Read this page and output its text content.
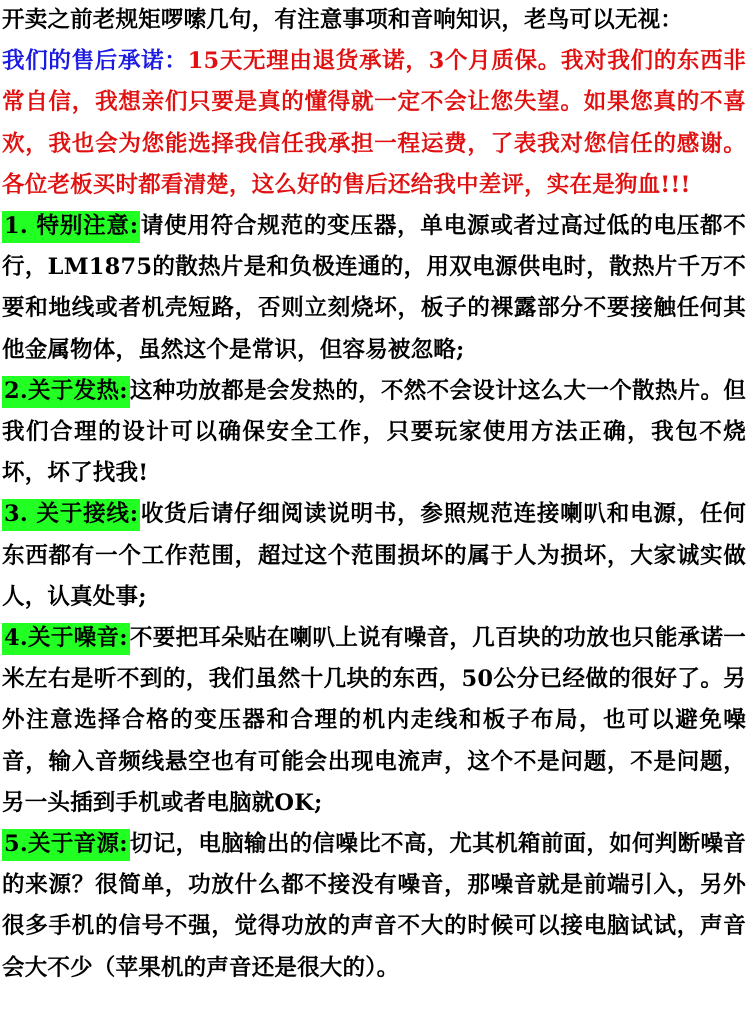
开卖之前老规矩啰嗦几句，有注意事项和音响知识，老鸟可以无视：

我们的售后承诺：15天无理由退货承诺，3个月质保。我对我们的东西非常自信，我想亲们只要是真的懂得就一定不会让您失望。如果您真的不喜欢，我也会为您能选择我信任我承担一程运费，了表我对您信任的感谢。各位老板买时都看清楚，这么好的售后还给我中差评，实在是狗血!!!

1. 特别注意:请使用符合规范的变压器，单电源或者过高过低的电压都不行，LM1875的散热片是和负极连通的，用双电源供电时，散热片千万不要和地线或者机壳短路，否则立刻烧坏，板子的裸露部分不要接触任何其他金属物体，虽然这个是常识，但容易被忽略;

2.关于发热:这种功放都是会发热的，不然不会设计这么大一个散热片。但我们合理的设计可以确保安全工作，只要玩家使用方法正确，我包不烧坏，坏了找我!

3. 关于接线:收货后请仔细阅读说明书，参照规范连接喇叭和电源，任何东西都有一个工作范围，超过这个范围损坏的属于人为损坏，大家诚实做人，认真处事;

4.关于噪音:不要把耳朵贴在喇叭上说有噪音，几百块的功放也只能承诺一米左右是听不到的，我们虽然十几块的东西，50公分已经做的很好了。另外注意选择合格的变压器和合理的机内走线和板子布局，也可以避免噪音，输入音频线悬空也有可能会出现电流声，这个不是问题，不是问题，另一头插到手机或者电脑就OK;

5.关于音源:切记，电脑输出的信噪比不高，尤其机箱前面，如何判断噪音的来源？很简单，功放什么都不接没有噪音，那噪音就是前端引入，另外很多手机的信号不强，觉得功放的声音不大的时候可以接电脑试试，声音会大不少（苹果机的声音还是很大的）。
